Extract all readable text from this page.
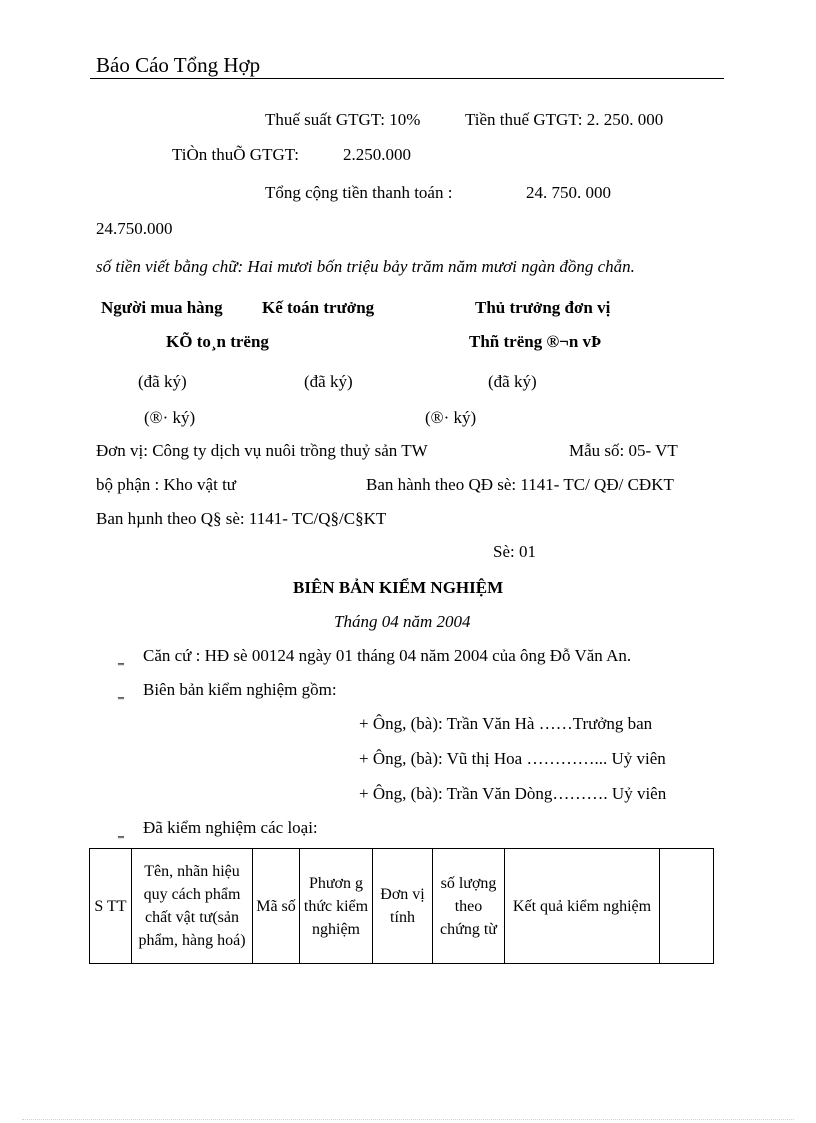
Báo Cáo Tổng Hợp
Thuế suất GTGT: 10%	Tiền thuế GTGT: 2. 250. 000
TiÒn thuÕ GTGT:	2.250.000
Tổng cộng tiền thanh toán :	24. 750. 000
24.750.000
số tiền viết bằng chữ: Hai mươi bốn triệu bảy trăm năm mươi ngàn đồng chẵn.
Người mua hàng Kế toán trưởng	Thủ trưởng đơn vị
KÕ to¸n trëng	Thñ trëng ®¬n vÞ
(đã ký)	(đã ký)	(đã ký)
(®· ký)	(®· ký)
Đơn vị: Công ty dịch vụ nuôi trồng thuỷ sản TW	Mẫu số: 05- VT
bộ phận : Kho vật tư	Ban hành theo QĐ sè: 1141- TC/ QĐ/ CĐKT
Ban hµnh theo Q§ sè: 1141- TC/Q§/C§KT
Sè: 01
BIÊN BẢN KIỂM NGHIỆM
Tháng 04 năm 2004
‗ Căn cứ : HĐ sè 00124 ngày 01 tháng 04 năm 2004 của ông Đỗ Văn An.
‗ Biên bản kiểm nghiệm gồm:
+ Ông, (bà): Trần Văn Hà ……Trưởng ban
+ Ông, (bà): Vũ thị Hoa …………... Uỷ viên
+ Ông, (bà): Trần Văn Dòng………. Uỷ viên
‗ Đã kiểm nghiệm các loại:
S TT	Tên, nhãn hiệu quy cách phẩm chất vật tư(sản phẩm, hàng hoá)	Mã số	Phươn g thức kiểm nghiệm	Đơn vị tính	số lượng theo chứng từ	Kết quả kiểm nghiệm	
